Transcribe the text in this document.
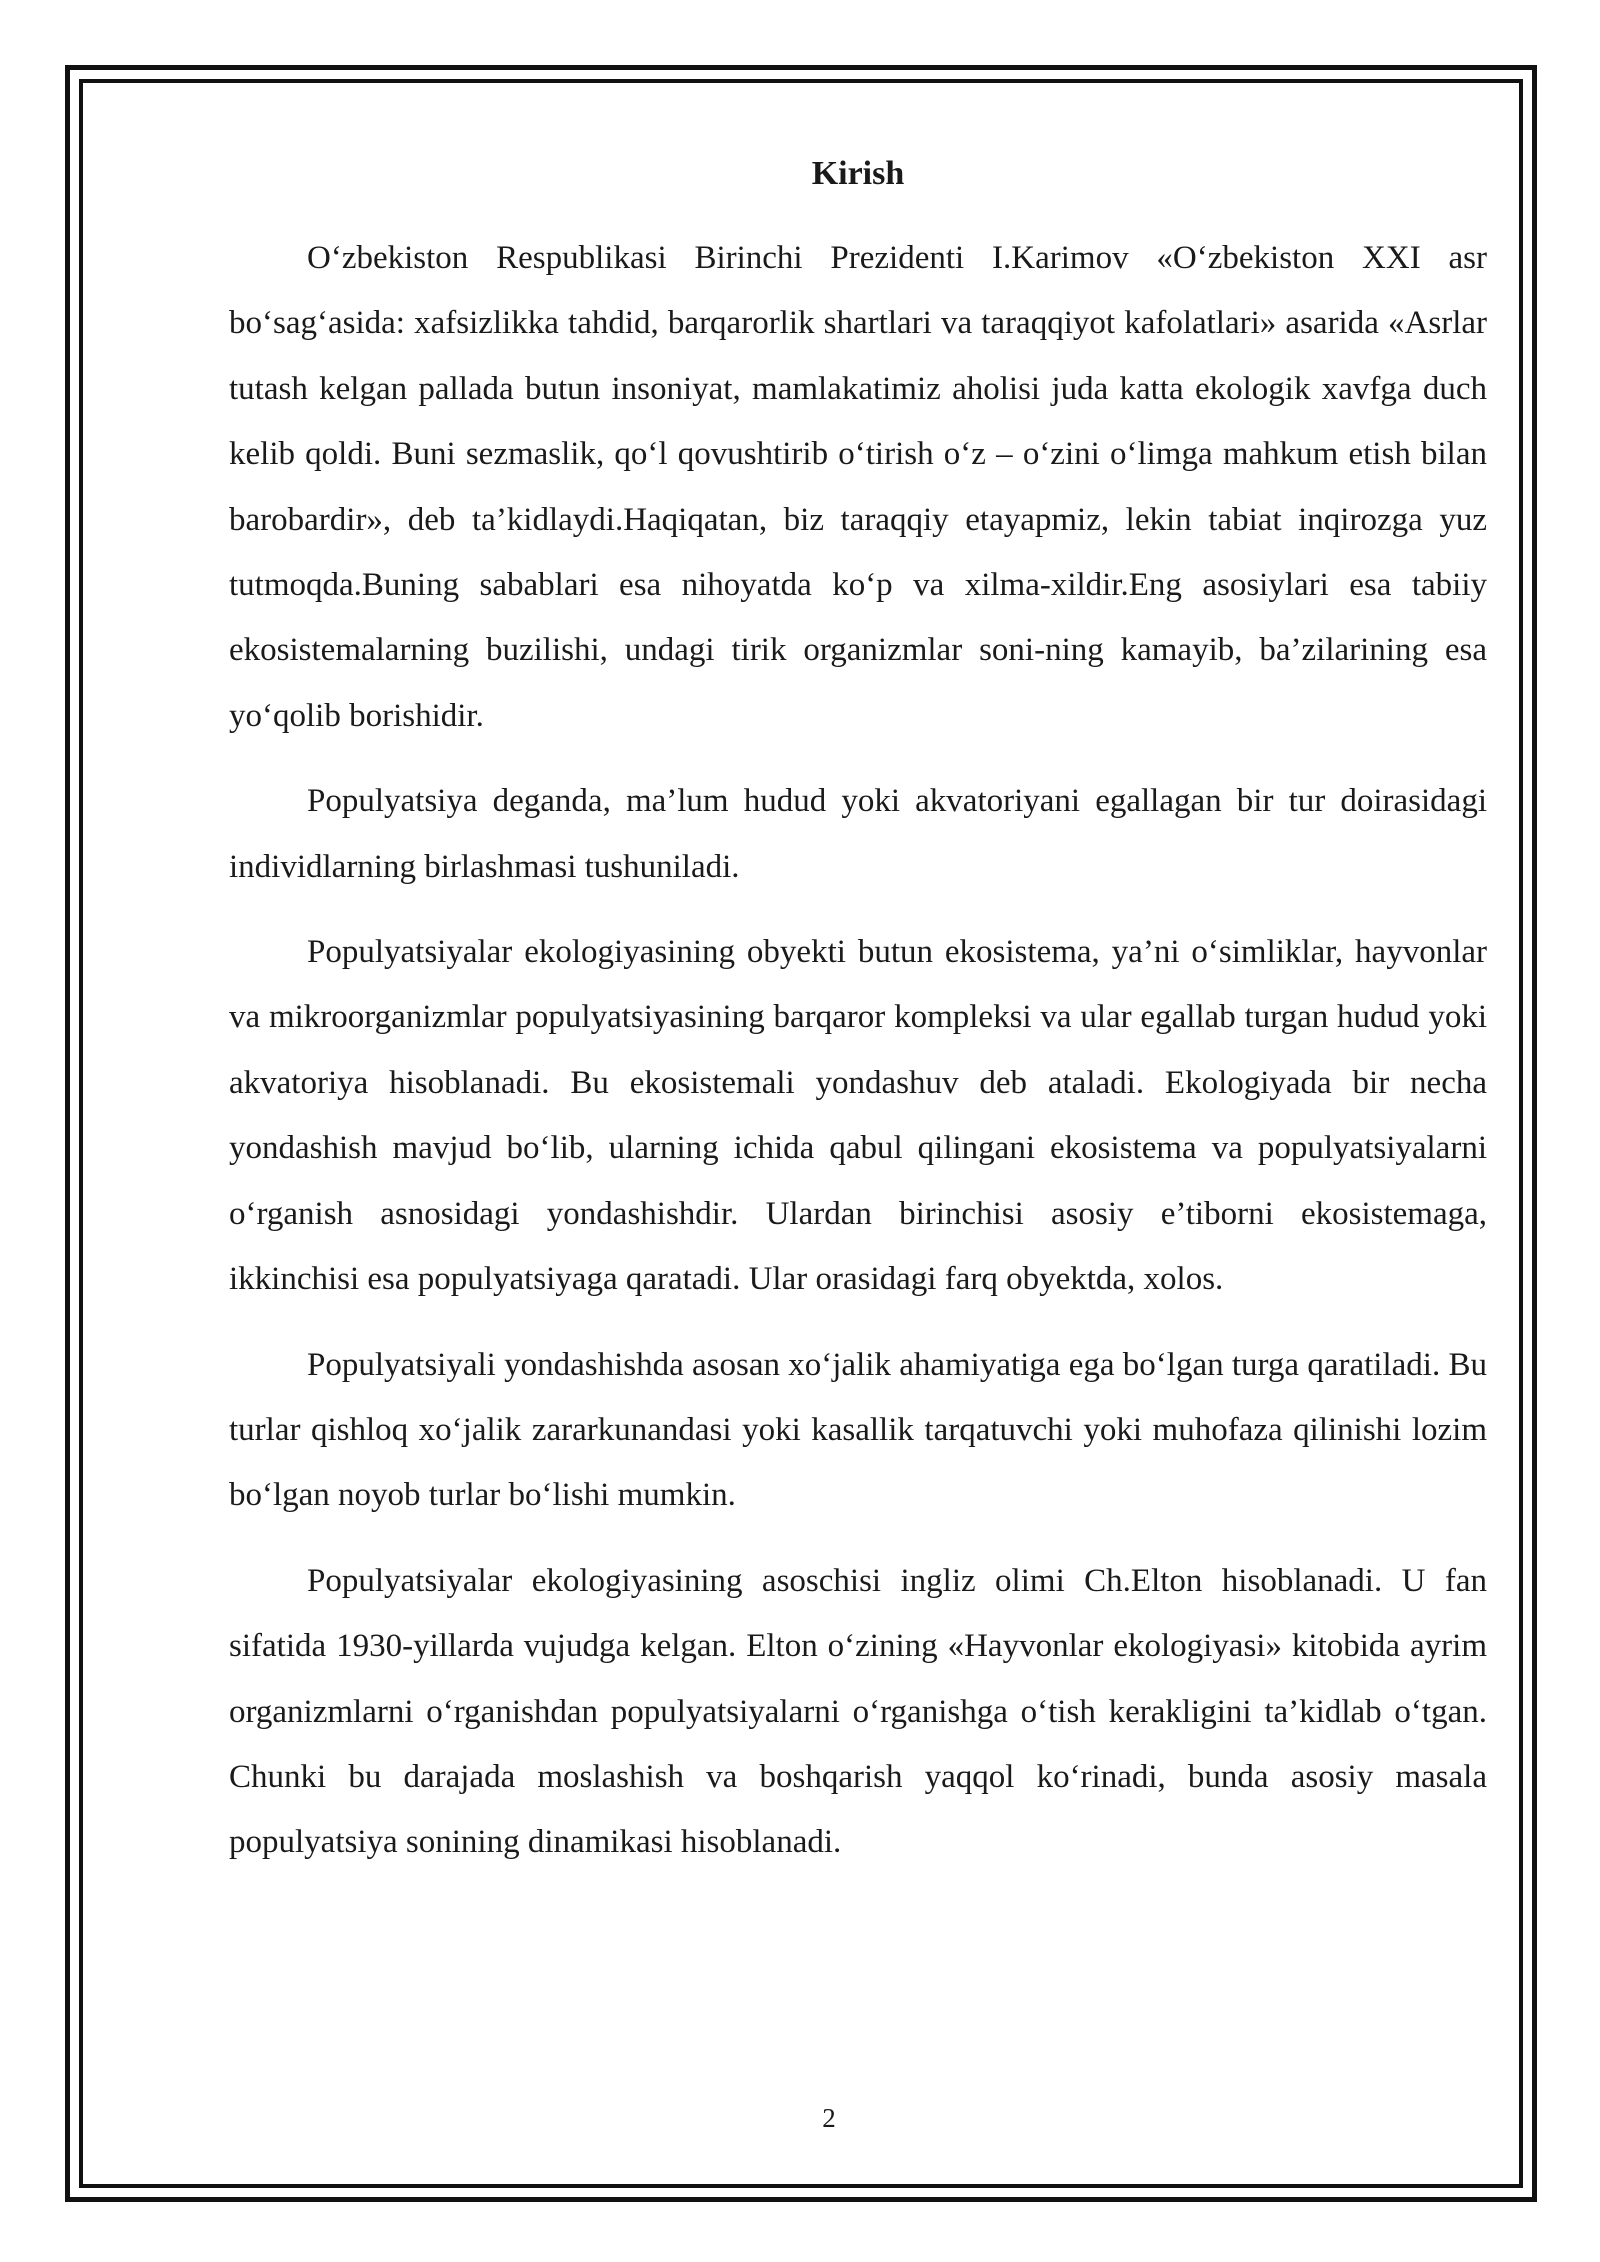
Kirish

O‘zbekiston Respublikasi Birinchi Prezidenti I.Karimov «O‘zbekiston XXI asr bo‘sag‘asida: xafsizlikka tahdid, barqarorlik shartlari va taraqqiyot kafolatlari» asarida «Asrlar tutash kelgan pallada butun insoniyat, mamlakatimiz aholisi juda katta ekologik xavfga duch kelib qoldi. Buni sezmaslik, qo‘l qovushtirib o‘tirish o‘z – o‘zini o‘limga mahkum etish bilan barobardir», deb ta’kidlaydi.Haqiqatan, biz taraqqiy etayapmiz, lekin tabiat inqirozga yuz tutmoqda.Buning sabablari esa nihoyatda ko‘p va xilma-xildir.Eng asosiylari esa tabiiy ekosistemalarning buzilishi, undagi tirik organizmlar soni-ning kamayib, ba’zilarining esa yo‘qolib borishidir.

Populyatsiya deganda, ma’lum hudud yoki akvatoriyani egallagan bir tur doirasidagi individlarning birlashmasi tushuniladi.

Populyatsiyalar ekologiyasining obyekti butun ekosistema, ya’ni o‘simliklar, hayvonlar va mikroorganizmlar populyatsiyasining barqaror kompleksi va ular egallab turgan hudud yoki akvatoriya hisoblanadi. Bu ekosistemali yondashuv deb ataladi. Ekologiyada bir necha yondashish mavjud bo‘lib, ularning ichida qabul qilingani ekosistema va populyatsiyalarni o‘rganish asnosidagi yondashishdir. Ulardan birinchisi asosiy e’tiborni ekosistemaga, ikkinchisi esa populyatsiyaga qaratadi. Ular orasidagi farq obyektda, xolos.

Populyatsiyali yondashishda asosan xo‘jalik ahamiyatiga ega bo‘lgan turga qaratiladi. Bu turlar qishloq xo‘jalik zararkunandasi yoki kasallik tarqatuvchi yoki muhofaza qilinishi lozim bo‘lgan noyob turlar bo‘lishi mumkin.

Populyatsiyalar ekologiyasining asoschisi ingliz olimi Ch.Elton hisoblanadi. U fan sifatida 1930-yillarda vujudga kelgan. Elton o‘zining «Hayvonlar ekologiyasi» kitobida ayrim organizmlarni o‘rganishdan populyatsiyalarni o‘rganishga o‘tish kerakligini ta’kidlab o‘tgan. Chunki bu darajada moslashish va boshqarish yaqqol ko‘rinadi, bunda asosiy masala populyatsiya sonining dinamikasi hisoblanadi.

2
